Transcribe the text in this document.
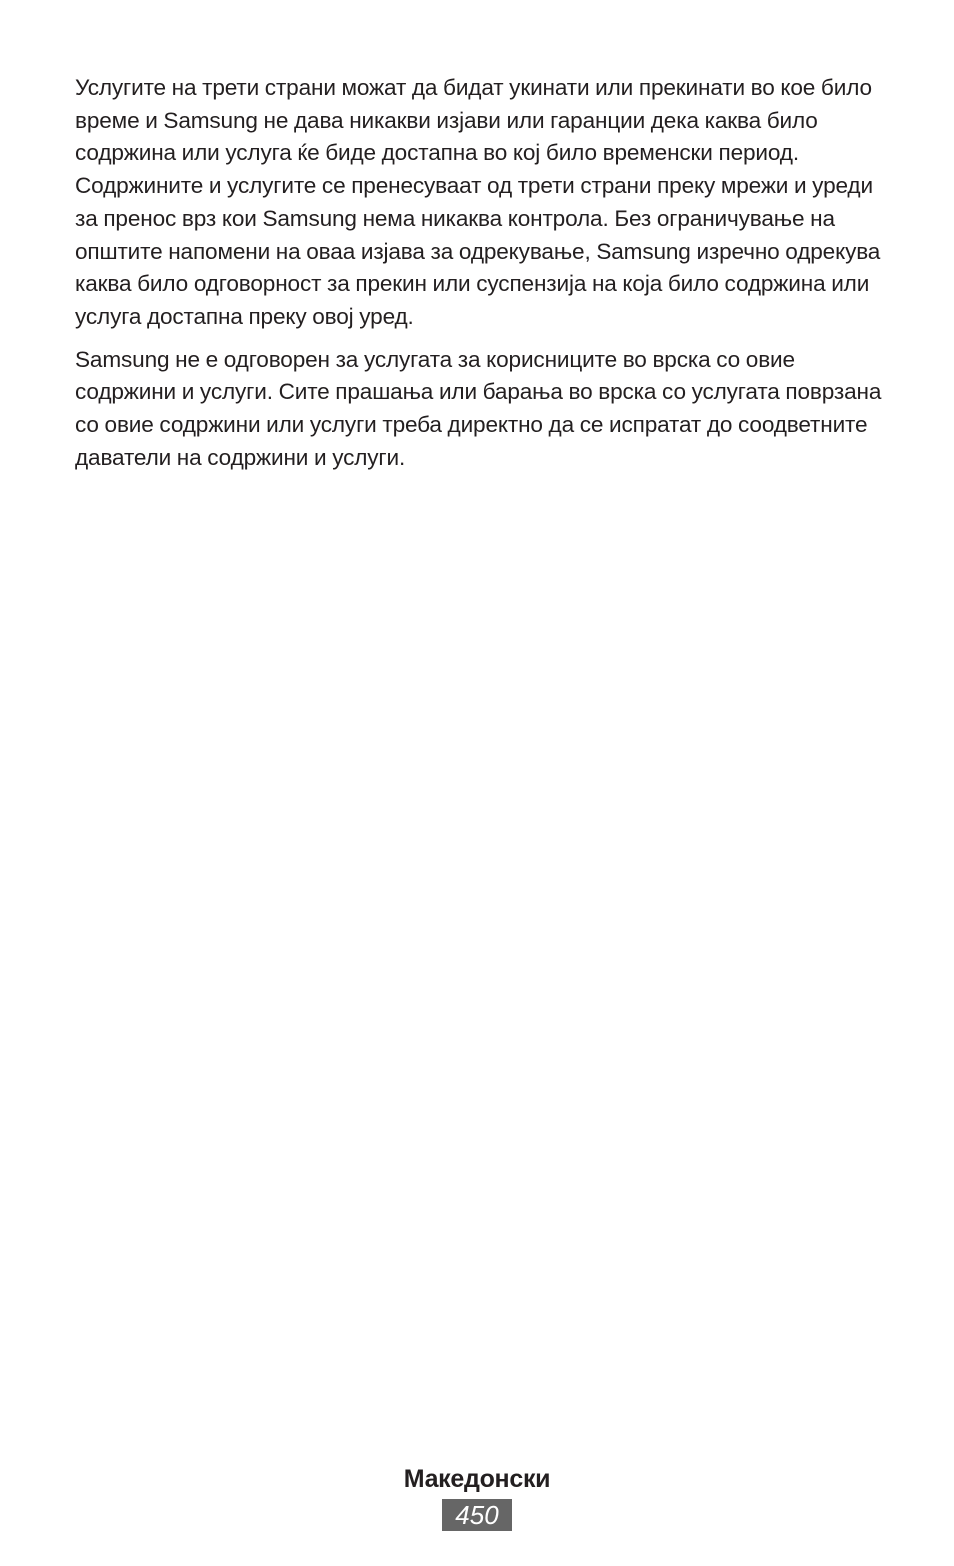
Услугите на трети страни можат да бидат укинати или прекинати во кое било време и Samsung не дава никакви изјави или гаранции дека каква било содржина или услуга ќе биде достапна во кој било временски период. Содржините и услугите се пренесуваат од трети страни преку мрежи и уреди за пренос врз кои Samsung нема никаква контрола. Без ограничување на општите напомени на оваа изјава за одрекување, Samsung изречно одрекува каква било одговорност за прекин или суспензија на која било содржина или услуга достапна преку овој уред.

Samsung не е одговорен за услугата за корисниците во врска со овие содржини и услуги. Сите прашања или барања во врска со услугата поврзана со овие содржини или услуги треба директно да се испратат до соодветните даватели на содржини и услуги.

Македонски
450
